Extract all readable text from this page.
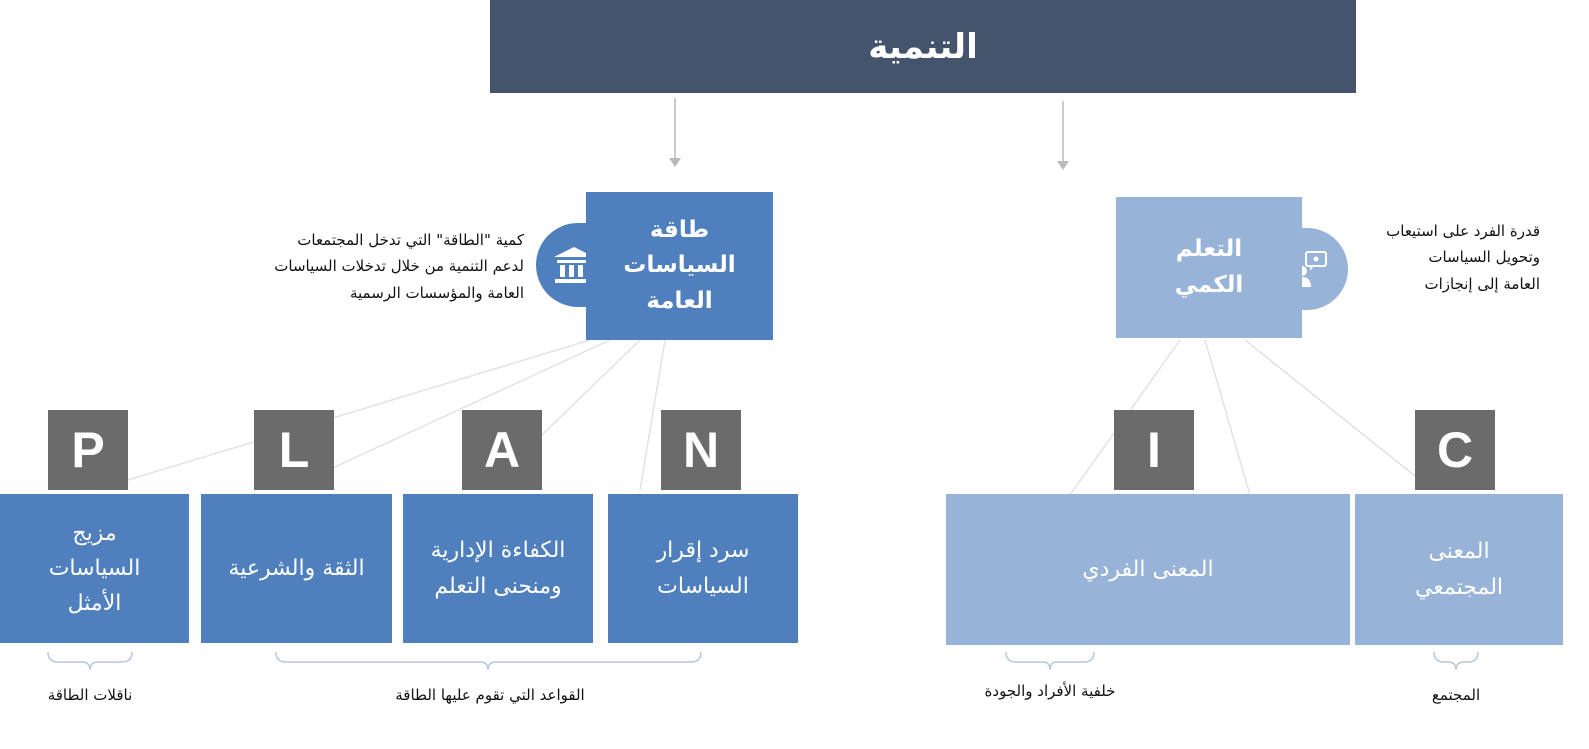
التنمية
طاقة
السياسات
العامة
كمية "الطاقة" التي تدخل المجتمعات
لدعم التنمية من خلال تدخلات السياسات
العامة والمؤسسات الرسمية
التعلم
الكمي
قدرة الفرد على استيعاب
وتحويل السياسات
العامة إلى إنجازات
P	L	A	N
مزيج
السياسات
الأمثل
الثقة والشرعية
الكفاءة الإدارية
ومنحنى التعلم
سرد إقرار
السياسات
I	C
المعنى الفردي
المعنى
المجتمعي
ناقلات الطاقة	القواعد التي تقوم عليها الطاقة	خلفية الأفراد والجودة	المجتمع
